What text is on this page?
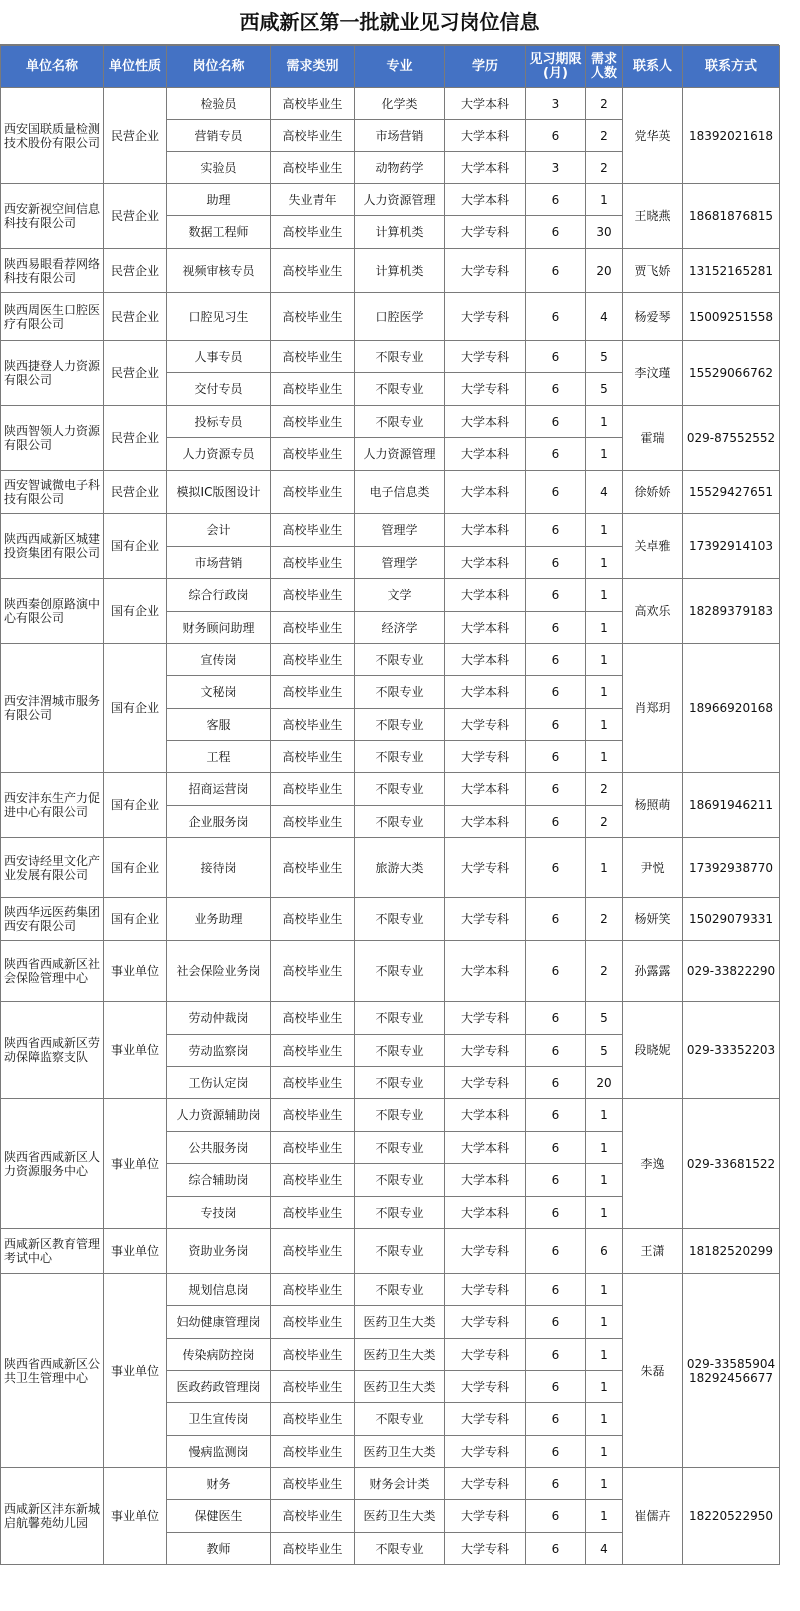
西咸新区第一批就业见习岗位信息
单位名称	单位性质	岗位名称	需求类别	专业	学历	见习期限(月)	需求人数	联系人	联系方式
西安国联质量检测技术股份有限公司	民营企业	检验员	高校毕业生	化学类	大学本科	3	2	党华英	18392021618
		营销专员	高校毕业生	市场营销	大学本科	6	2		
		实验员	高校毕业生	动物药学	大学本科	3	2		
西安新视空间信息科技有限公司	民营企业	助理	失业青年	人力资源管理	大学本科	6	1	王晓燕	18681876815
		数据工程师	高校毕业生	计算机类	大学专科	6	30		
陕西易眼看荐网络科技有限公司	民营企业	视频审核专员	高校毕业生	计算机类	大学专科	6	20	贾飞娇	13152165281
陕西周医生口腔医疗有限公司	民营企业	口腔见习生	高校毕业生	口腔医学	大学专科	6	4	杨爱琴	15009251558
陕西捷登人力资源有限公司	民营企业	人事专员	高校毕业生	不限专业	大学专科	6	5	李汶瑾	15529066762
		交付专员	高校毕业生	不限专业	大学专科	6	5		
陕西智领人力资源有限公司	民营企业	投标专员	高校毕业生	不限专业	大学本科	6	1	霍瑞	029-87552552
		人力资源专员	高校毕业生	人力资源管理	大学本科	6	1		
西安智诚微电子科技有限公司	民营企业	模拟IC版图设计	高校毕业生	电子信息类	大学本科	6	4	徐娇娇	15529427651
陕西西咸新区城建投资集团有限公司	国有企业	会计	高校毕业生	管理学	大学本科	6	1	关卓雅	17392914103
		市场营销	高校毕业生	管理学	大学本科	6	1		
陕西秦创原路演中心有限公司	国有企业	综合行政岗	高校毕业生	文学	大学本科	6	1	高欢乐	18289379183
		财务顾问助理	高校毕业生	经济学	大学本科	6	1		
西安沣渭城市服务有限公司	国有企业	宣传岗	高校毕业生	不限专业	大学本科	6	1	肖郑玥	18966920168
		文秘岗	高校毕业生	不限专业	大学本科	6	1		
		客服	高校毕业生	不限专业	大学专科	6	1		
		工程	高校毕业生	不限专业	大学专科	6	1		
西安沣东生产力促进中心有限公司	国有企业	招商运营岗	高校毕业生	不限专业	大学本科	6	2	杨照萌	18691946211
		企业服务岗	高校毕业生	不限专业	大学本科	6	2		
西安诗经里文化产业发展有限公司	国有企业	接待岗	高校毕业生	旅游大类	大学专科	6	1	尹悦	17392938770
陕西华远医药集团西安有限公司	国有企业	业务助理	高校毕业生	不限专业	大学专科	6	2	杨妍笑	15029079331
陕西省西咸新区社会保险管理中心	事业单位	社会保险业务岗	高校毕业生	不限专业	大学本科	6	2	孙露露	029-33822290
陕西省西咸新区劳动保障监察支队	事业单位	劳动仲裁岗	高校毕业生	不限专业	大学专科	6	5	段晓妮	029-33352203
		劳动监察岗	高校毕业生	不限专业	大学专科	6	5		
		工伤认定岗	高校毕业生	不限专业	大学专科	6	20		
陕西省西咸新区人力资源服务中心	事业单位	人力资源辅助岗	高校毕业生	不限专业	大学本科	6	1	李逸	029-33681522
		公共服务岗	高校毕业生	不限专业	大学本科	6	1		
		综合辅助岗	高校毕业生	不限专业	大学本科	6	1		
		专技岗	高校毕业生	不限专业	大学本科	6	1		
西咸新区教育管理考试中心	事业单位	资助业务岗	高校毕业生	不限专业	大学专科	6	6	王潇	18182520299
陕西省西咸新区公共卫生管理中心	事业单位	规划信息岗	高校毕业生	不限专业	大学专科	6	1	朱磊	029-33585904 18292456677
		妇幼健康管理岗	高校毕业生	医药卫生大类	大学专科	6	1		
		传染病防控岗	高校毕业生	医药卫生大类	大学专科	6	1		
		医政药政管理岗	高校毕业生	医药卫生大类	大学专科	6	1		
		卫生宣传岗	高校毕业生	不限专业	大学专科	6	1		
		慢病监测岗	高校毕业生	医药卫生大类	大学专科	6	1		
西咸新区沣东新城启航馨苑幼儿园	事业单位	财务	高校毕业生	财务会计类	大学专科	6	1	崔儒卉	18220522950
		保健医生	高校毕业生	医药卫生大类	大学专科	6	1		
		教师	高校毕业生	不限专业	大学专科	6	4		
